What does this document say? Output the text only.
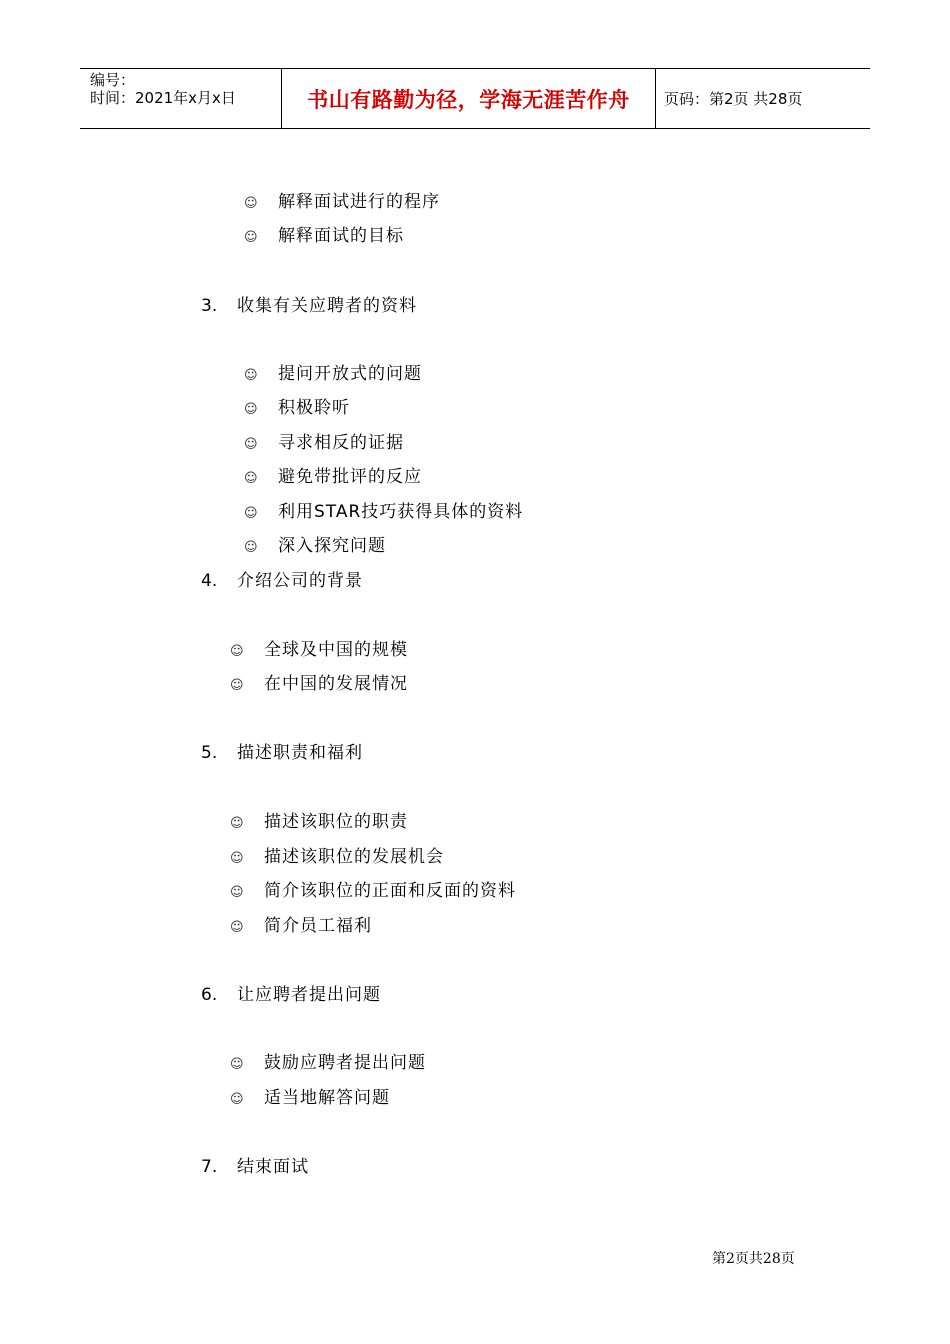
编号：
时间：2021年x月x日	书山有路勤为径，学海无涯苦作舟	页码：第2页 共28页
☺ 解释面试进行的程序
☺ 解释面试的目标
3. 收集有关应聘者的资料
☺ 提问开放式的问题
☺ 积极聆听
☺ 寻求相反的证据
☺ 避免带批评的反应
☺ 利用STAR技巧获得具体的资料
☺ 深入探究问题
4. 介绍公司的背景
☺ 全球及中国的规模
☺ 在中国的发展情况
5. 描述职责和福利
☺ 描述该职位的职责
☺ 描述该职位的发展机会
☺ 简介该职位的正面和反面的资料
☺ 简介员工福利
6. 让应聘者提出问题
☺ 鼓励应聘者提出问题
☺ 适当地解答问题
7. 结束面试
第2页共28页
